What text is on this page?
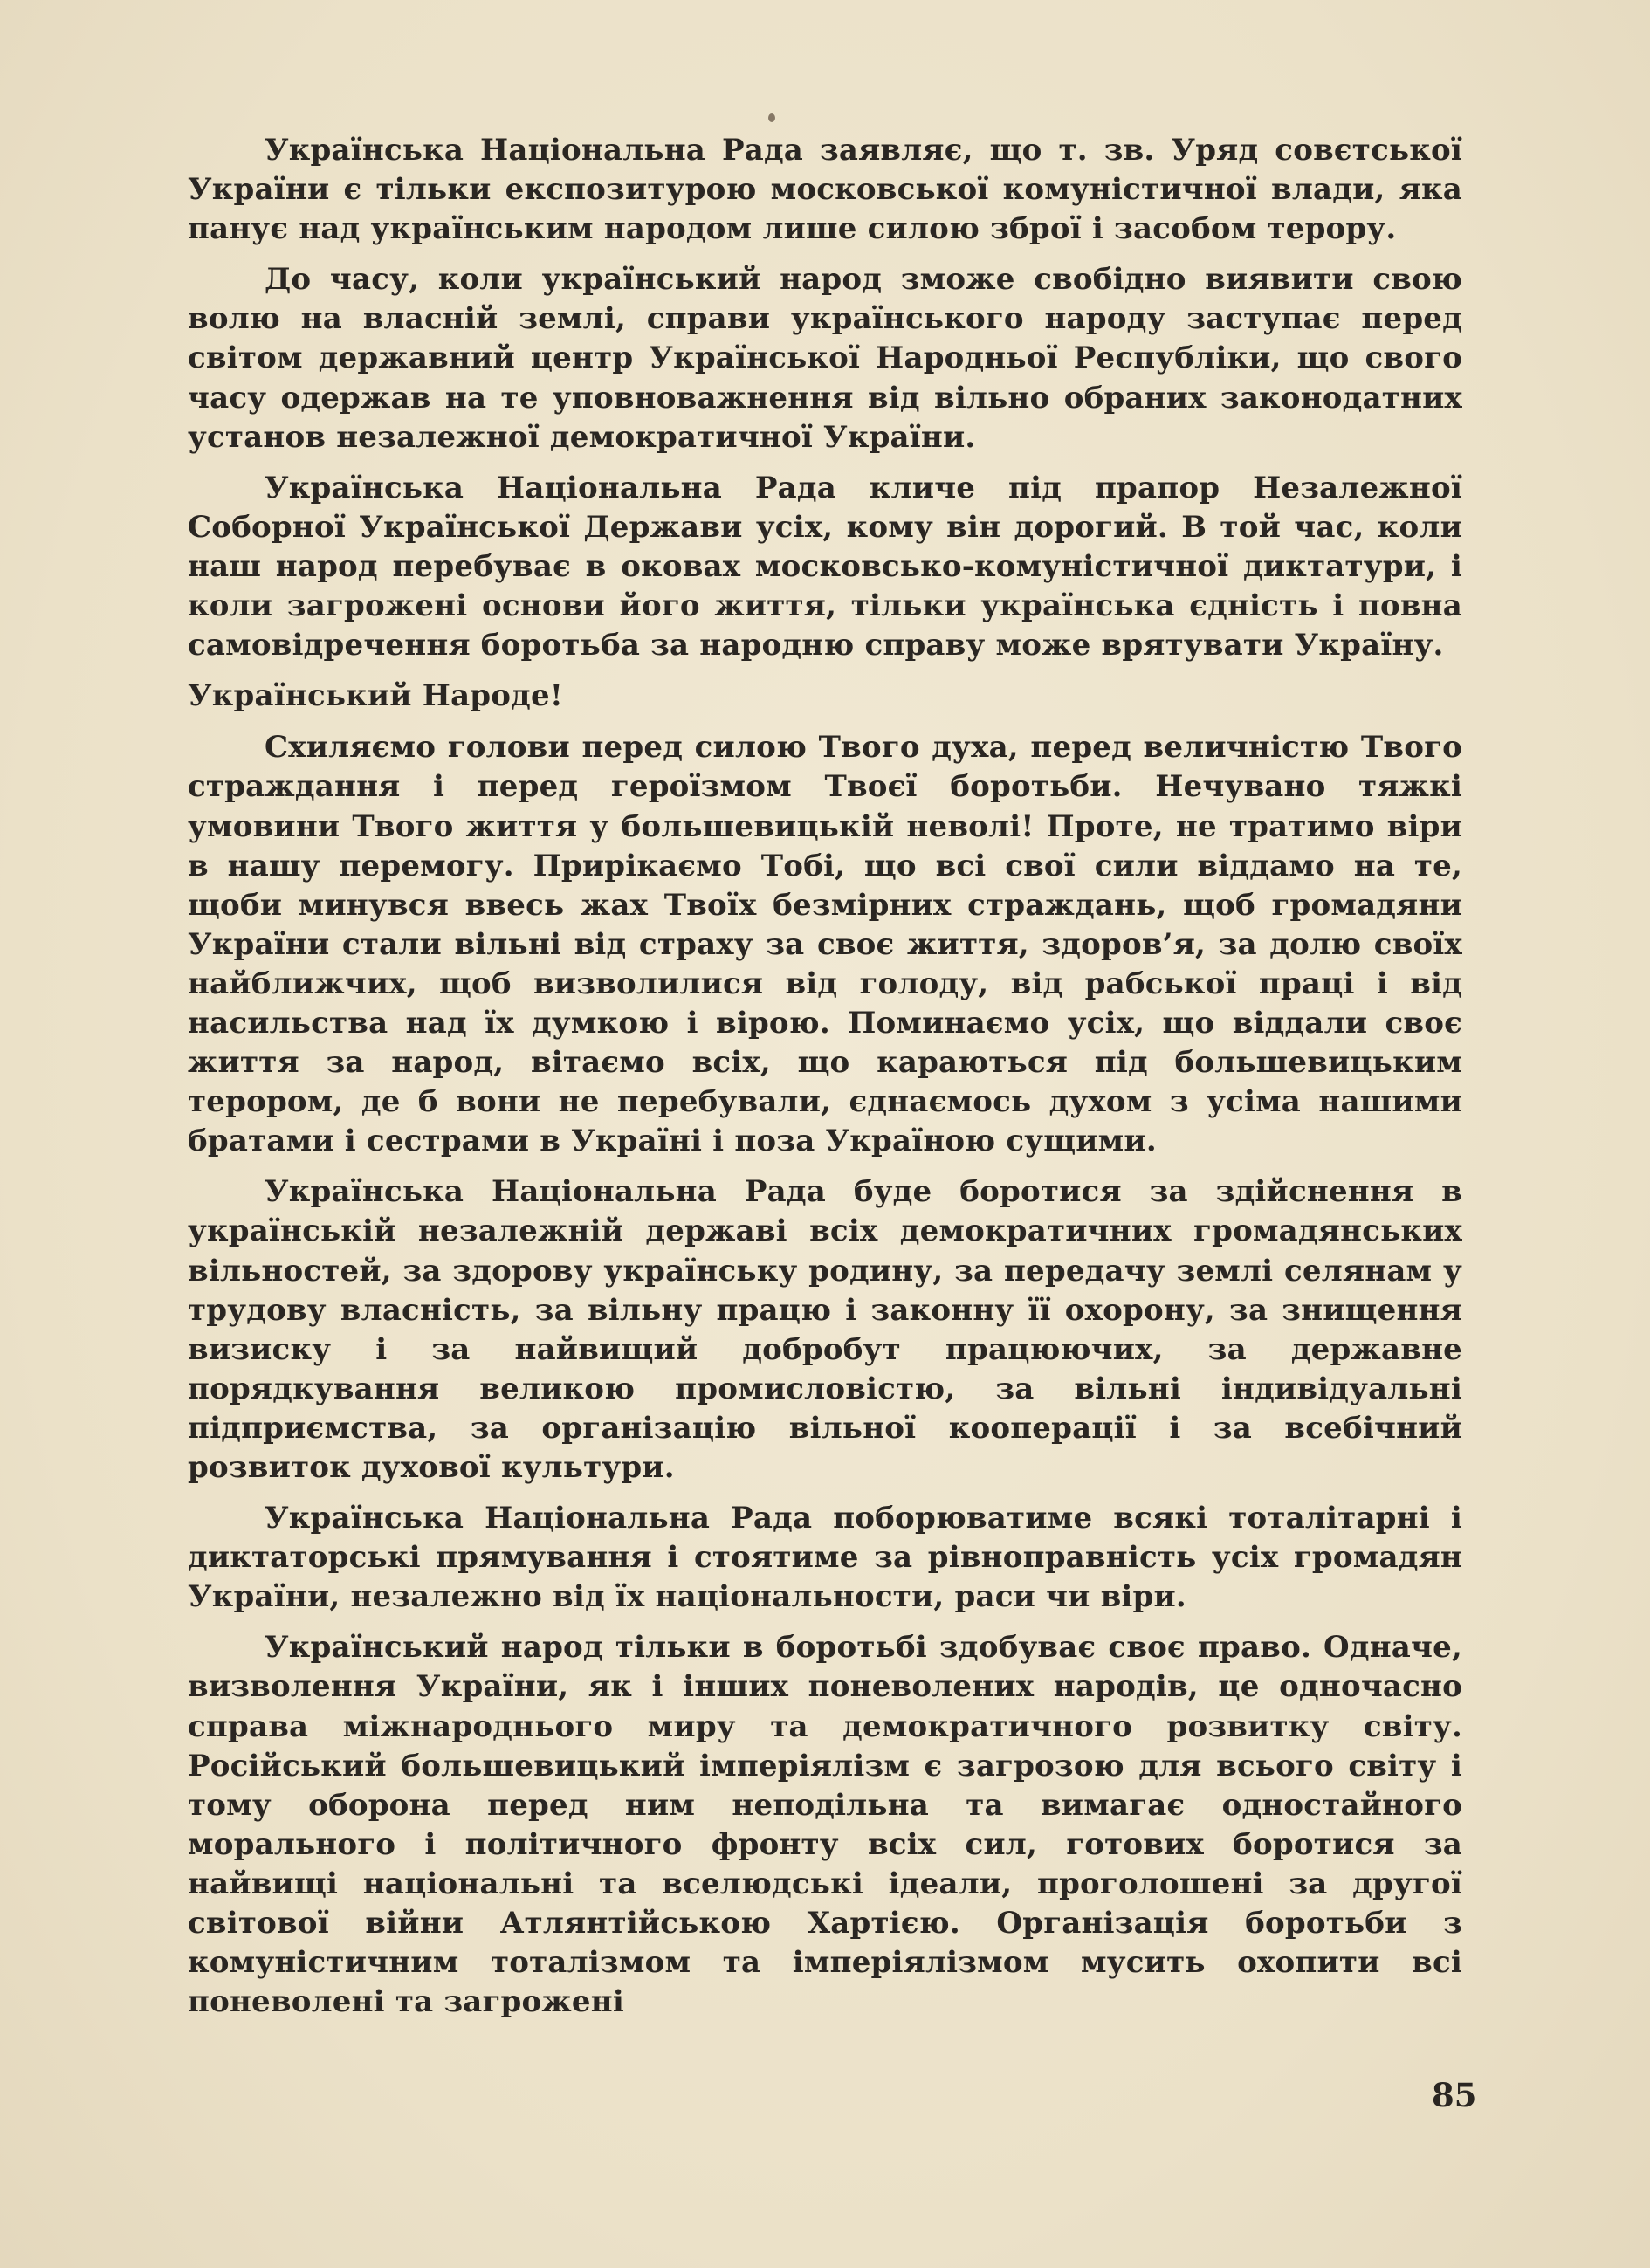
Українська Національна Рада заявляє, що т. зв. Уряд совєтської України є тільки експозитурою московської комуністичної влади, яка панує над українським народом лише силою зброї і засобом терору.

До часу, коли український народ зможе свобідно виявити свою волю на власній землі, справи українського народу заступає перед світом державний центр Української Народньої Республіки, що свого часу одержав на те уповноважнення від вільно обраних законодатних установ незалежної демократичної України.

Українська Національна Рада кличе під прапор Незалежної Соборної Української Держави усіх, кому він дорогий. В той час, коли наш народ перебуває в оковах московсько-комуністичної диктатури, і коли загрожені основи його життя, тільки українська єдність і повна самовідречення боротьба за народню справу може врятувати Україну.

Український Народе!

Схиляємо голови перед силою Твого духа, перед величністю Твого страждання і перед героїзмом Твоєї боротьби. Нечувано тяжкі умовини Твого життя у большевицькій неволі! Проте, не тратимо віри в нашу перемогу. Прирікаємо Тобі, що всі свої сили віддамо на те, щоби минувся ввесь жах Твоїх безмірних страждань, щоб громадяни України стали вільні від страху за своє життя, здоров’я, за долю своїх найближчих, щоб визволилися від голоду, від рабської праці і від насильства над їх думкою і вірою. Поминаємо усіх, що віддали своє життя за народ, вітаємо всіх, що караються під большевицьким терором, де б вони не перебували, єднаємось духом з усіма нашими братами і сестрами в Україні і поза Україною сущими.

Українська Національна Рада буде боротися за здійснення в українській незалежній державі всіх демократичних громадянських вільностей, за здорову українську родину, за передачу землі селянам у трудову власність, за вільну працю і законну її охорону, за знищення визиску і за найвищий добробут працюючих, за державне порядкування великою промисловістю, за вільні індивідуальні підприємства, за організацію вільної кооперації і за всебічний розвиток духової культури.

Українська Національна Рада поборюватиме всякі тоталітарні і диктаторські прямування і стоятиме за рівноправність усіх громадян України, незалежно від їх національности, раси чи віри.

Український народ тільки в боротьбі здобуває своє право. Одначе, визволення України, як і інших поневолених народів, це одночасно справа міжнароднього миру та демократичного розвитку світу. Російський большевицький імперіялізм є загрозою для всього світу і тому оборона перед ним неподільна та вимагає одностайного морального і політичного фронту всіх сил, готових боротися за найвищі національні та вселюдські ідеали, проголошені за другої світової війни Атлянтійською Хартією. Організація боротьби з комуністичним тоталізмом та імперіялізмом мусить охопити всі поневолені та загрожені

85
